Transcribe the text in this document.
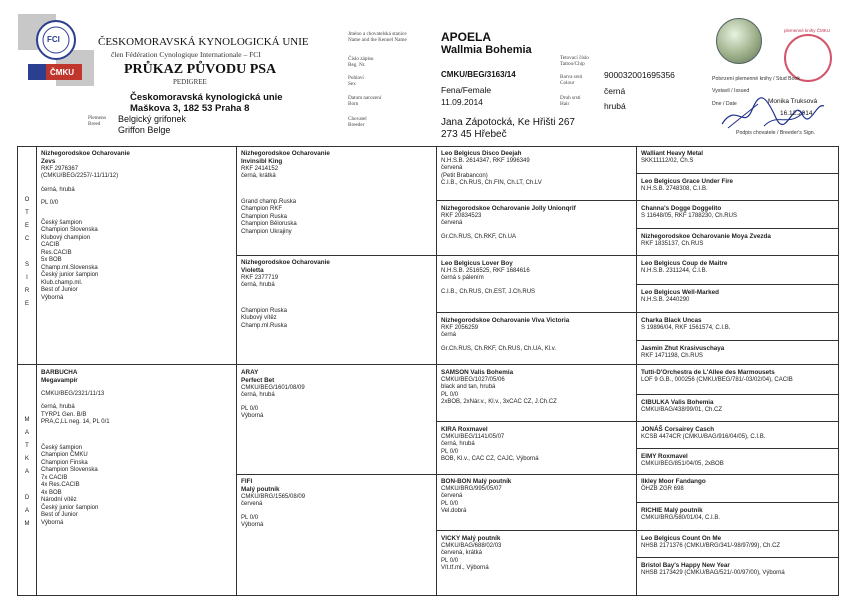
FCI
ČMKU
ČESKOMORAVSKÁ KYNOLOGICKÁ UNIE
člen Fédération Cynologique Internationale – FCI
PRŮKAZ PŮVODU PSA
PEDIGREE
Českomoravská kynologická unie
Maškova 3, 182 53 Praha 8
Plemeno
Breed Belgický grifonek
Griffon Belge
Jméno a chovatelská stanice
Name and the Kennel Name
Číslo zápisu
Reg. Nr.
Pohlaví
Sex
Datum narození
Born
Chovatel
Breeder
APOELA
Wallmia Bohemia
CMKU/BEG/3163/14
Fena/Female
11.09.2014
Jana Zápotocká, Ke Hřišti 267
273 45 Hřebeč
Tetovací číslo
Tattoo/Chip
Barva srsti
Colour
Druh srsti
Hair
900032001695356
černá
hrubá
plemenné knihy ČMKU
Potvrzení plemenné knihy / Stud Book
Vystavil / Issued
Dne / Date	Monika Truksová
16.12.2014
Podpis chovatele / Breeder's Sign.
O
T
E
C
S
I
R
E
M
A
T
K
A
D
A
M
Nizhegorodskoe Ocharovanie
Zevs
RKF 2976367
(CMKU/BEG/2257/-11/11/12)
černá, hrubá
PL 0/0
Český šampion
Champion Slovenska
Klubový champion
CACIB
Res.CACIB
5x BOB
Champ.ml.Slovenska
Český junior šampion
Klub.champ.ml.
Best of Junior
Výborná
BARBUCHA
Megavampír
CMKU/BEG/2321/11/13
černá, hrubá
TYRP1 Gen. B/B
PRA,C,LL neg. 14, PL 0/1
Český šampion
Champion ČMKU
Champion Finska
Champion Slovenska
7x CACIB
4x Res.CACIB
4x BOB
Národní vítěz
Český junior šampion
Best of Junior
Výborná
Nizhegorodskoe Ocharovanie
Invinsibl King
RKF 2414152
černá, krátká
Grand champ.Ruska
Champion RKF
Champion Ruska
Champion Běloruska
Champion Ukrajiny
Nizhegorodskoe Ocharovanie
Violetta
RKF 2377719
černá, hrubá
Champion Ruska
Klubový vítěz
Champ.ml.Ruska
ARAY
Perfect Bet
CMKU/BEG/1601/08/09
černá, hrubá
PL 0/0
Výborná
FIFI
Malý poutník
CMKU/BRG/1565/08/09
červená
PL 0/0
Výborná
Leo Belgicus Disco Deejah
N.H.S.B. 2614347, RKF 1996349
červená
(Petit Brabancon)
C.I.B., Ch.RUS, Ch.FIN, Ch.LT, Ch.LV
Nizhegorodskoe Ocharovanie Jolly Unionqrif
RKF 20834523
červená
Gr.Ch.RUS, Ch.RKF, Ch.UA
Leo Belgicus Lover Boy
N.H.S.B. 2516525, RKF 1684616
černá s pálením
C.I.B., Ch.RUS, Ch.EST, J.Ch.RUS
Nizhegorodskoe Ocharovanie Viva Victoria
RKF 2056259
černá
Gr.Ch.RUS, Ch.RKF, Ch.RUS, Ch.UA, Kl.v.
SAMSON Valis Bohemia
CMKU/BEG/1027/05/06
black and tan, hrubá
PL 0/0
2xBOB, 2xNár.v., Kl.v., 3xCAC CZ, J.Ch.CZ
KIRA Roxmavel
CMKU/BEG/1141/05/07
černá, hrubá
PL 0/0
BOB, Kl.v., CAC CZ, CAJC, Výborná
BON-BON Malý poutník
CMKU/BRG/995/05/07
červená
PL 0/0
Vel.dobrá
VICKY Malý poutník
CMKU/BAG/688/02/03
červená, krátká
PL 0/0
Vít.tf.ml., Výborná
Walliant Heavy Metal
SKK11112/02, Ch.S
Leo Belgicus Grace Under Fire
N.H.S.B. 2748308, C.I.B.
Channa's Dogge Doggelito
S 11648/05, RKF 1788230, Ch.RUS
Nizhegorodskoe Ocharovanie Moya Zvezda
RKF 1835137, Ch.RUS
Leo Belgicus Coup de Maitre
N.H.S.B. 2311244, C.I.B.
Leo Belgicus Well-Marked
N.H.S.B. 2440290
Charka Black Uncas
S 19896/04, RKF 1561574, C.I.B.
Jasmin Zhut Krasivuschaya
RKF 1471198, Ch.RUS
Tutti-D'Orchestra de L'Allee des Marmousets
LOF 9 G.B., 000256 (CMKU/BEG/781/-03/02/04), CACIB
CIBULKA Valis Bohemia
CMKU/BAG/438/99/01, Ch.CZ
JONÁŠ Corsairey Casch
KCSB 4474CR (CMKU/BAG/916/04/05), C.I.B.
EIMY Roxmavel
CMKU/BEG/851/04/05, 2xBOB
Ilkley Moor Fandango
ÖHZB ZGR 698
RICHIE Malý poutník
CMKU/BRG/580/01/04, C.I.B.
Leo Belgicus Count On Me
NHSB 2171376 (CMKU/BRG/341/-98/97/99), Ch.CZ
Bristol Bay's Happy New Year
NHSB 2173429 (CMKU/BAG/521/-00/97/00), Výborná
